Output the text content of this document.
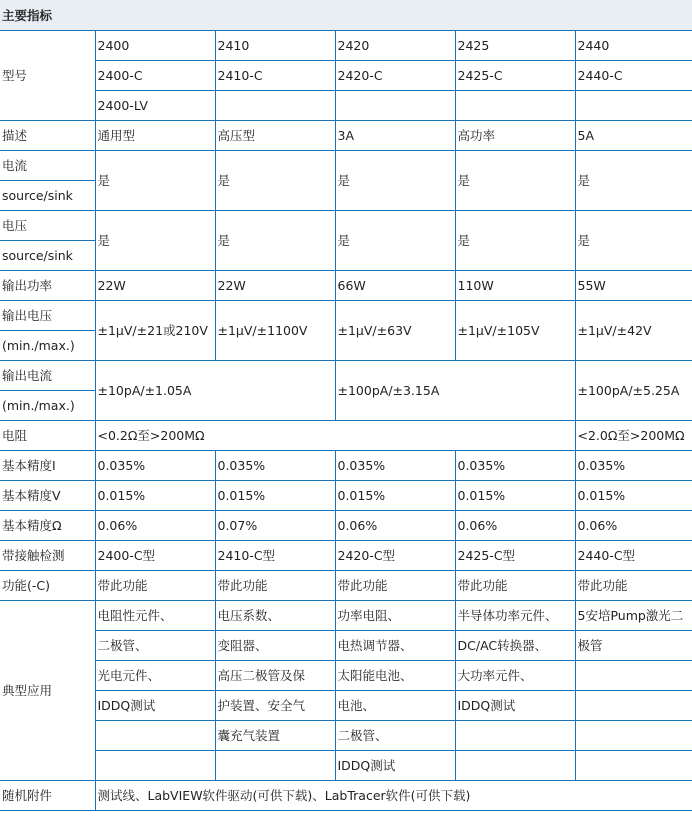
主要指标					
型号	2400	2410	2420	2425	2440
	2400-C	2410-C	2420-C	2425-C	2440-C
	2400-LV				
描述	通用型	高压型	3A	高功率	5A
电流	是	是	是	是	是
source/sink					
电压	是	是	是	是	是
source/sink					
输出功率	22W	22W	66W	110W	55W
输出电压	±1μV/±21或210V	±1μV/±1100V	±1μV/±63V	±1μV/±105V	±1μV/±42V
(min./max.)					
输出电流	±10pA/±1.05A		±100pA/±3.15A		±100pA/±5.25A
(min./max.)					
电阻	<0.2Ω至>200MΩ				<2.0Ω至>200MΩ
基本精度I	0.035%	0.035%	0.035%	0.035%	0.035%
基本精度V	0.015%	0.015%	0.015%	0.015%	0.015%
基本精度Ω	0.06%	0.07%	0.06%	0.06%	0.06%
带接触检测	2400-C型	2410-C型	2420-C型	2425-C型	2440-C型
功能(-C)	带此功能	带此功能	带此功能	带此功能	带此功能
典型应用	电阻性元件、	电压系数、	功率电阻、	半导体功率元件、	5安培Pump激光二
	二极管、	变阻器、	电热调节器、	DC/AC转换器、	极管
	光电元件、	高压二极管及保	太阳能电池、	大功率元件、	
	IDDQ测试	护装置、安全气	电池、	IDDQ测试	
		囊充气装置	二极管、		
			IDDQ测试		
随机附件	测试线、LabVIEW软件驱动(可供下载)、LabTracer软件(可供下载)				
